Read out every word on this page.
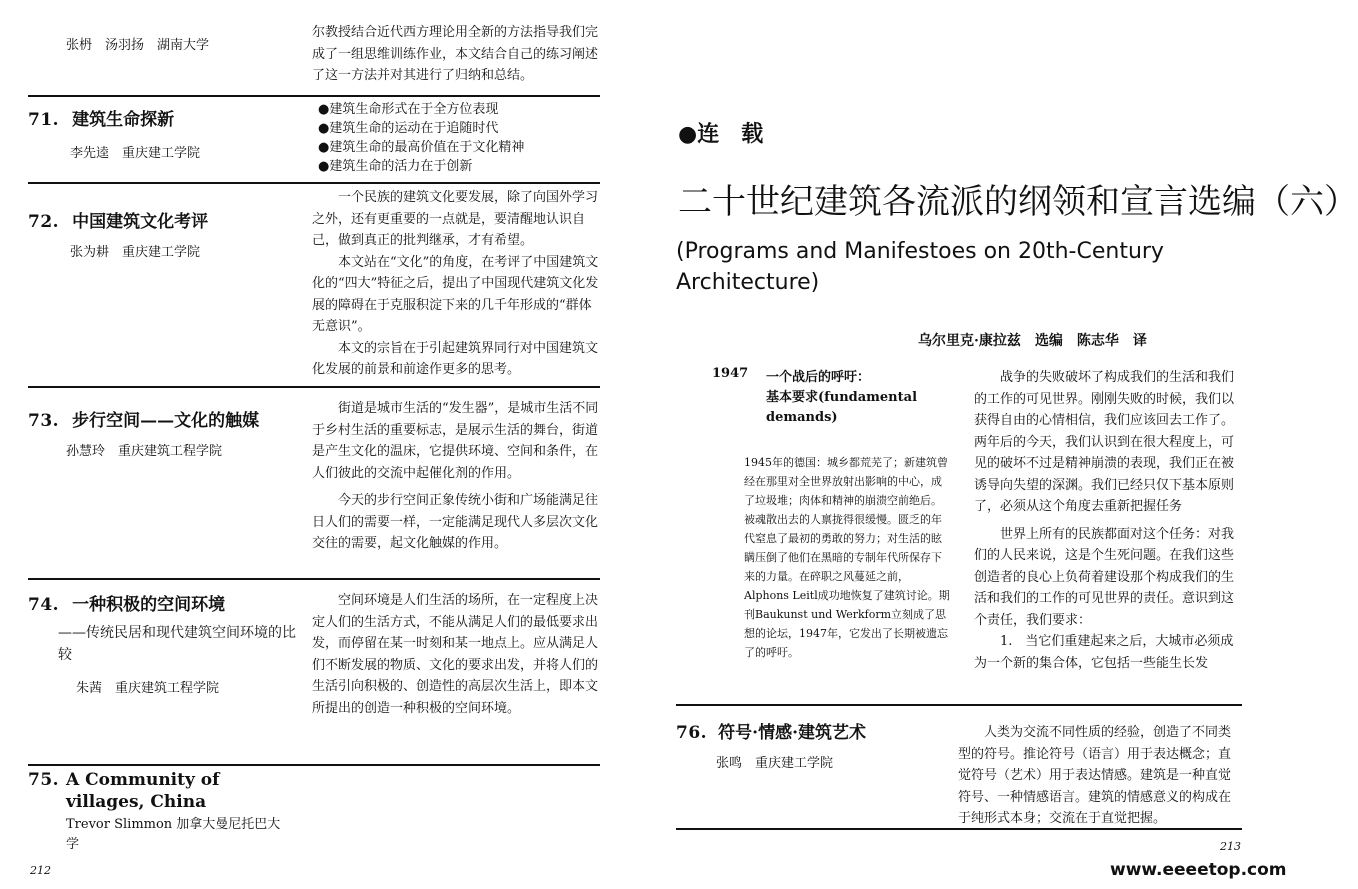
张枬　汤羽扬　湖南大学
尔教授结合近代西方理论用全新的方法指导我们完成了一组思维训练作业，本文结合自己的练习阐述了这一方法并对其进行了归纳和总结。
71. 建筑生命探新
李先逵　重庆建工学院
●建筑生命形式在于全方位表现
●建筑生命的运动在于追随时代
●建筑生命的最高价值在于文化精神
●建筑生命的活力在于创新
72. 中国建筑文化考评
张为耕　重庆建工学院

一个民族的建筑文化要发展，除了向国外学习之外，还有更重要的一点就是，要清醒地认识自己，做到真正的批判继承，才有希望。

本文站在“文化”的角度，在考评了中国建筑文化的“四大”特征之后，提出了中国现代建筑文化发展的障碍在于克服积淀下来的几千年形成的“群体无意识”。

本文的宗旨在于引起建筑界同行对中国建筑文化发展的前景和前途作更多的思考。

73. 步行空间——文化的触媒
孙慧玲　重庆建筑工程学院

街道是城市生活的“发生器”，是城市生活不同于乡村生活的重要标志，是展示生活的舞台，街道是产生文化的温床，它提供环境、空间和条件，在人们彼此的交流中起催化剂的作用。

今天的步行空间正象传统小街和广场能满足往日人们的需要一样，一定能满足现代人多层次文化交往的需要，起文化触媒的作用。

74. 一种积极的空间环境
——传统民居和现代建筑空间环境的比较
朱茜　重庆建筑工程学院
空间环境是人们生活的场所，在一定程度上决定人们的生活方式，不能从满足人们的最低要求出发，而停留在某一时刻和某一地点上。应从满足人们不断发展的物质、文化的要求出发，并将人们的生活引向积极的、创造性的高层次生活上，即本文所提出的创造一种积极的空间环境。
75. A Community of villages, China
Trevor Slimmon 加拿大曼尼托巴大学
212
●连　载
二十世纪建筑各流派的纲领和宣言选编（六）
(Programs and Manifestoes on 20th-Century Architecture)
乌尔里克·康拉兹　选编　陈志华　译
1947 一个战后的呼吁：
基本要求(fundamental demands)
1945年的德国：城乡都荒芜了；新建筑曾经在那里对全世界放射出影响的中心，成了垃圾堆；肉体和精神的崩溃空前绝后。被魂散出去的人禀拢得很缓慢。匮乏的年代窒息了最初的勇敢的努力；对生活的眩瞒压倒了他们在黑暗的专制年代所保存下来的力量。在碎职之风蔓延之前，Alphons Leitl成功地恢复了建筑讨论。期刊Baukunst und Werkform立刻成了思想的论坛，1947年，它发出了长期被遗忘了的呼吁。

战争的失败破坏了构成我们的生活和我们的工作的可见世界。刚刚失败的时候，我们以获得自由的心情相信，我们应该回去工作了。两年后的今天，我们认识到在很大程度上，可见的破坏不过是精神崩溃的表现，我们正在被诱导向失望的深渊。我们已经只仅下基本原则了，必须从这个角度去重新把握任务

世界上所有的民族都面对这个任务：对我们的人民来说，这是个生死问题。在我们这些创造者的良心上负荷着建设那个构成我们的生活和我们的工作的可见世界的责任。意识到这个责任，我们要求：

1.　当它们重建起来之后，大城市必须成为一个新的集合体，它包括一些能生长发

76. 符号·情感·建筑艺术
张鸣　重庆建工学院
人类为交流不同性质的经验，创造了不同类型的符号。推论符号（语言）用于表达概念；直觉符号（艺术）用于表达情感。建筑是一种直觉符号、一种情感语言。建筑的情感意义的构成在于纯形式本身；交流在于直觉把握。
213
www.eeeetop.com
